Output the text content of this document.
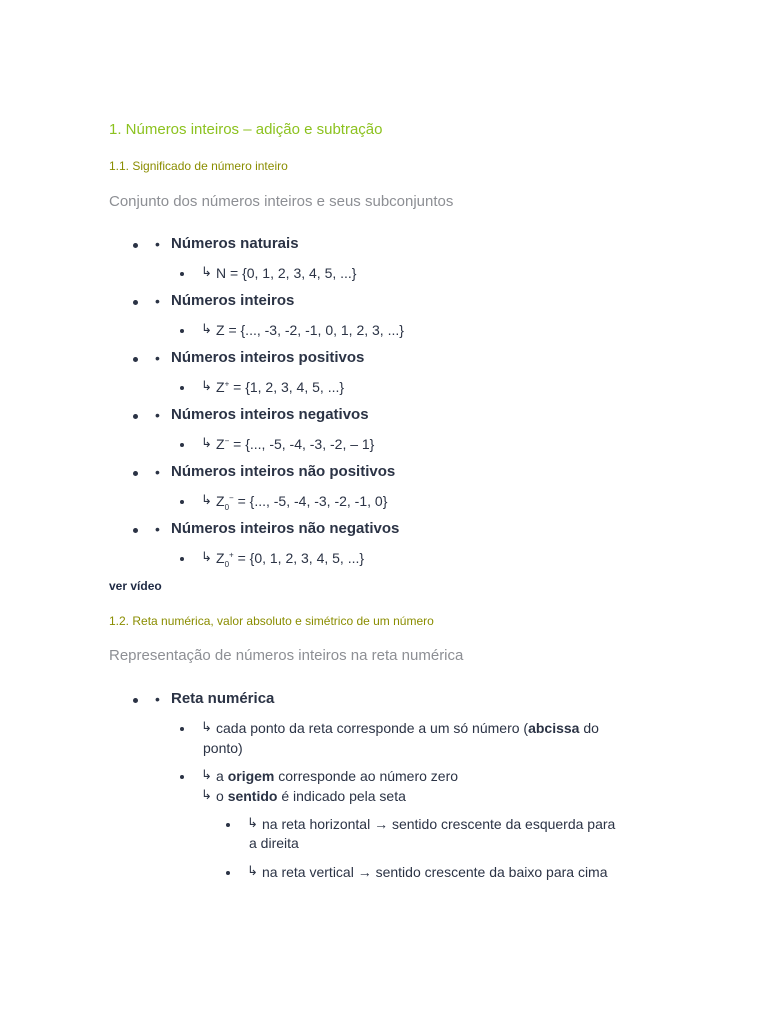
1. Números inteiros – adição e subtração
1.1. Significado de número inteiro
Conjunto dos números inteiros e seus subconjuntos
• Números naturais
↳ N = {0, 1, 2, 3, 4, 5, ...}
• Números inteiros
↳ Z = {..., -3, -2, -1, 0, 1, 2, 3, ...}
• Números inteiros positivos
↳ Z+ = {1, 2, 3, 4, 5, ...}
• Números inteiros negativos
↳ Z− = {..., -5, -4, -3, -2, – 1}
• Números inteiros não positivos
↳ $Z_0^-$ = {..., -5, -4, -3, -2, -1, 0}
• Números inteiros não negativos
↳ $Z_0^+ = \{0$, 1, 2, 3, 4, 5, ...}
ver vídeo
1.2. Reta numérica, valor absoluto e simétrico de um número
Representação de números inteiros na reta numérica
• Reta numérica
↳ cada ponto da reta corresponde a um só número (abcissa do
ponto)
↳ a origem corresponde ao número zero
↳ o sentido é indicado pela seta
↳ na reta horizontal → sentido crescente da esquerda para
a direita
↳ na reta vertical → sentido crescente da baixo para cima
